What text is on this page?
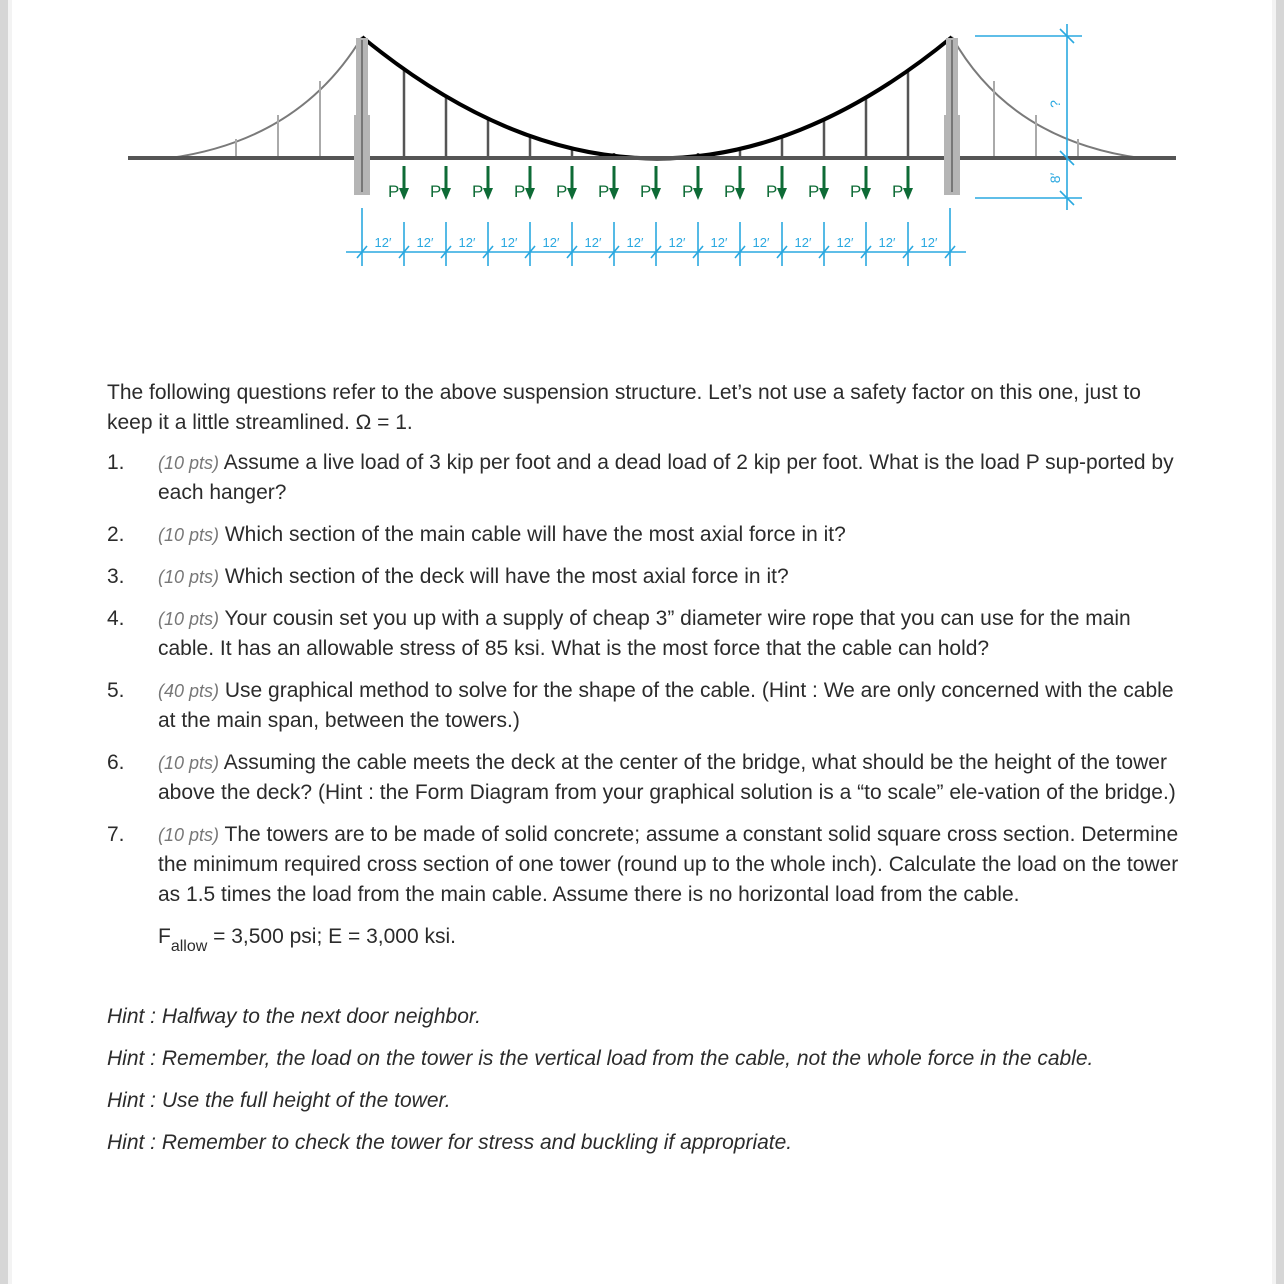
P P P P P P P P P P P P P
12′ 12′ 12′ 12′ 12′ 12′ 12′ 12′ 12′ 12′ 12′ 12′ 12′ 12′
?
8′

The following questions refer to the above suspension structure. Let’s not use a safety factor on this one, just to keep it a little streamlined. Ω = 1.

1. (10 pts) Assume a live load of 3 kip per foot and a dead load of 2 kip per foot. What is the load P sup-ported by each hanger?
2. (10 pts) Which section of the main cable will have the most axial force in it?
3. (10 pts) Which section of the deck will have the most axial force in it?
4. (10 pts) Your cousin set you up with a supply of cheap 3” diameter wire rope that you can use for the main cable. It has an allowable stress of 85 ksi. What is the most force that the cable can hold?
5. (40 pts) Use graphical method to solve for the shape of the cable. (Hint : We are only concerned with the cable at the main span, between the towers.)
6. (10 pts) Assuming the cable meets the deck at the center of the bridge, what should be the height of the tower above the deck? (Hint : the Form Diagram from your graphical solution is a “to scale” ele-vation of the bridge.)
7. (10 pts) The towers are to be made of solid concrete; assume a constant solid square cross section. Determine the minimum required cross section of one tower (round up to the whole inch). Calculate the load on the tower as 1.5 times the load from the main cable. Assume there is no horizontal load from the cable.
$F_{allow} = 3,500$ psi; E = 3,000 ksi.
Hint : Halfway to the next door neighbor.
Hint : Remember, the load on the tower is the vertical load from the cable, not the whole force in the cable.
Hint : Use the full height of the tower.
Hint : Remember to check the tower for stress and buckling if appropriate.
